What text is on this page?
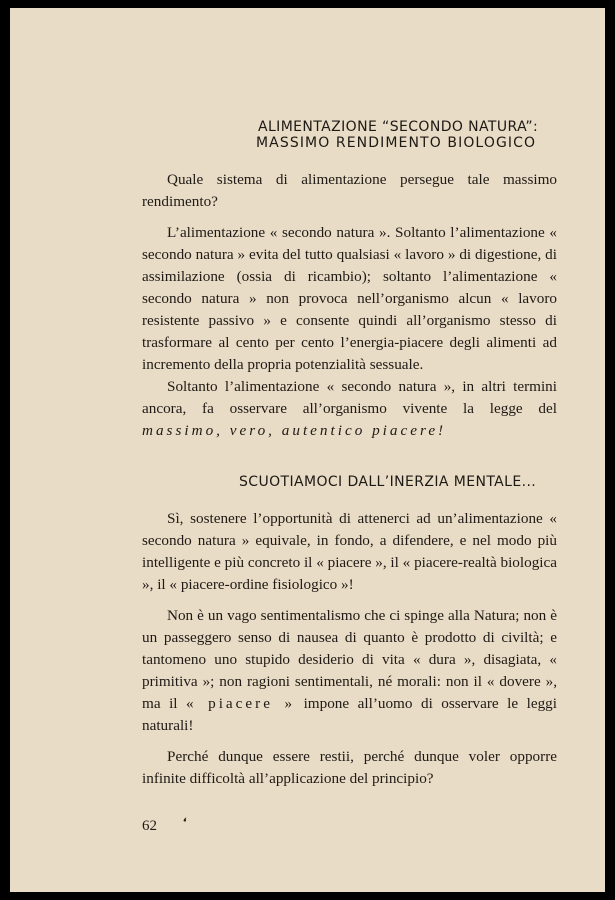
ALIMENTAZIONE “SECONDO NATURA”:
MASSIMO RENDIMENTO BIOLOGICO

Quale sistema di alimentazione persegue tale massimo rendimento?

L’alimentazione « secondo natura ». Soltanto l’alimentazione « secondo natura » evita del tutto qualsiasi « lavoro » di digestione, di assimilazione (ossia di ricambio); soltanto l’alimentazione « secondo natura » non provoca nell’organismo alcun « lavoro resistente passivo » e consente quindi all’organismo stesso di trasformare al cento per cento l’energia-piacere degli alimenti ad incremento della propria potenzialità sessuale.

Soltanto l’alimentazione « secondo natura », in altri termini ancora, fa osservare all’organismo vivente la legge del massimo, vero, autentico piacere!

SCUOTIAMOCI DALL’INERZIA MENTALE...

Sì, sostenere l’opportunità di attenerci ad un’alimentazione « secondo natura » equivale, in fondo, a difendere, e nel modo più intelligente e più concreto il « piacere », il « piacere-realtà biologica », il « piacere-ordine fisiologico »!

Non è un vago sentimentalismo che ci spinge alla Natura; non è un passeggero senso di nausea di quanto è prodotto di civiltà; e tantomeno uno stupido desiderio di vita « dura », disagiata, « primitiva »; non ragioni sentimentali, né morali: non il « dovere », ma il « piacere » impone all’uomo di osservare le leggi naturali!

Perché dunque essere restii, perché dunque voler opporre infinite difficoltà all’applicazione del principio?

62 ❛
